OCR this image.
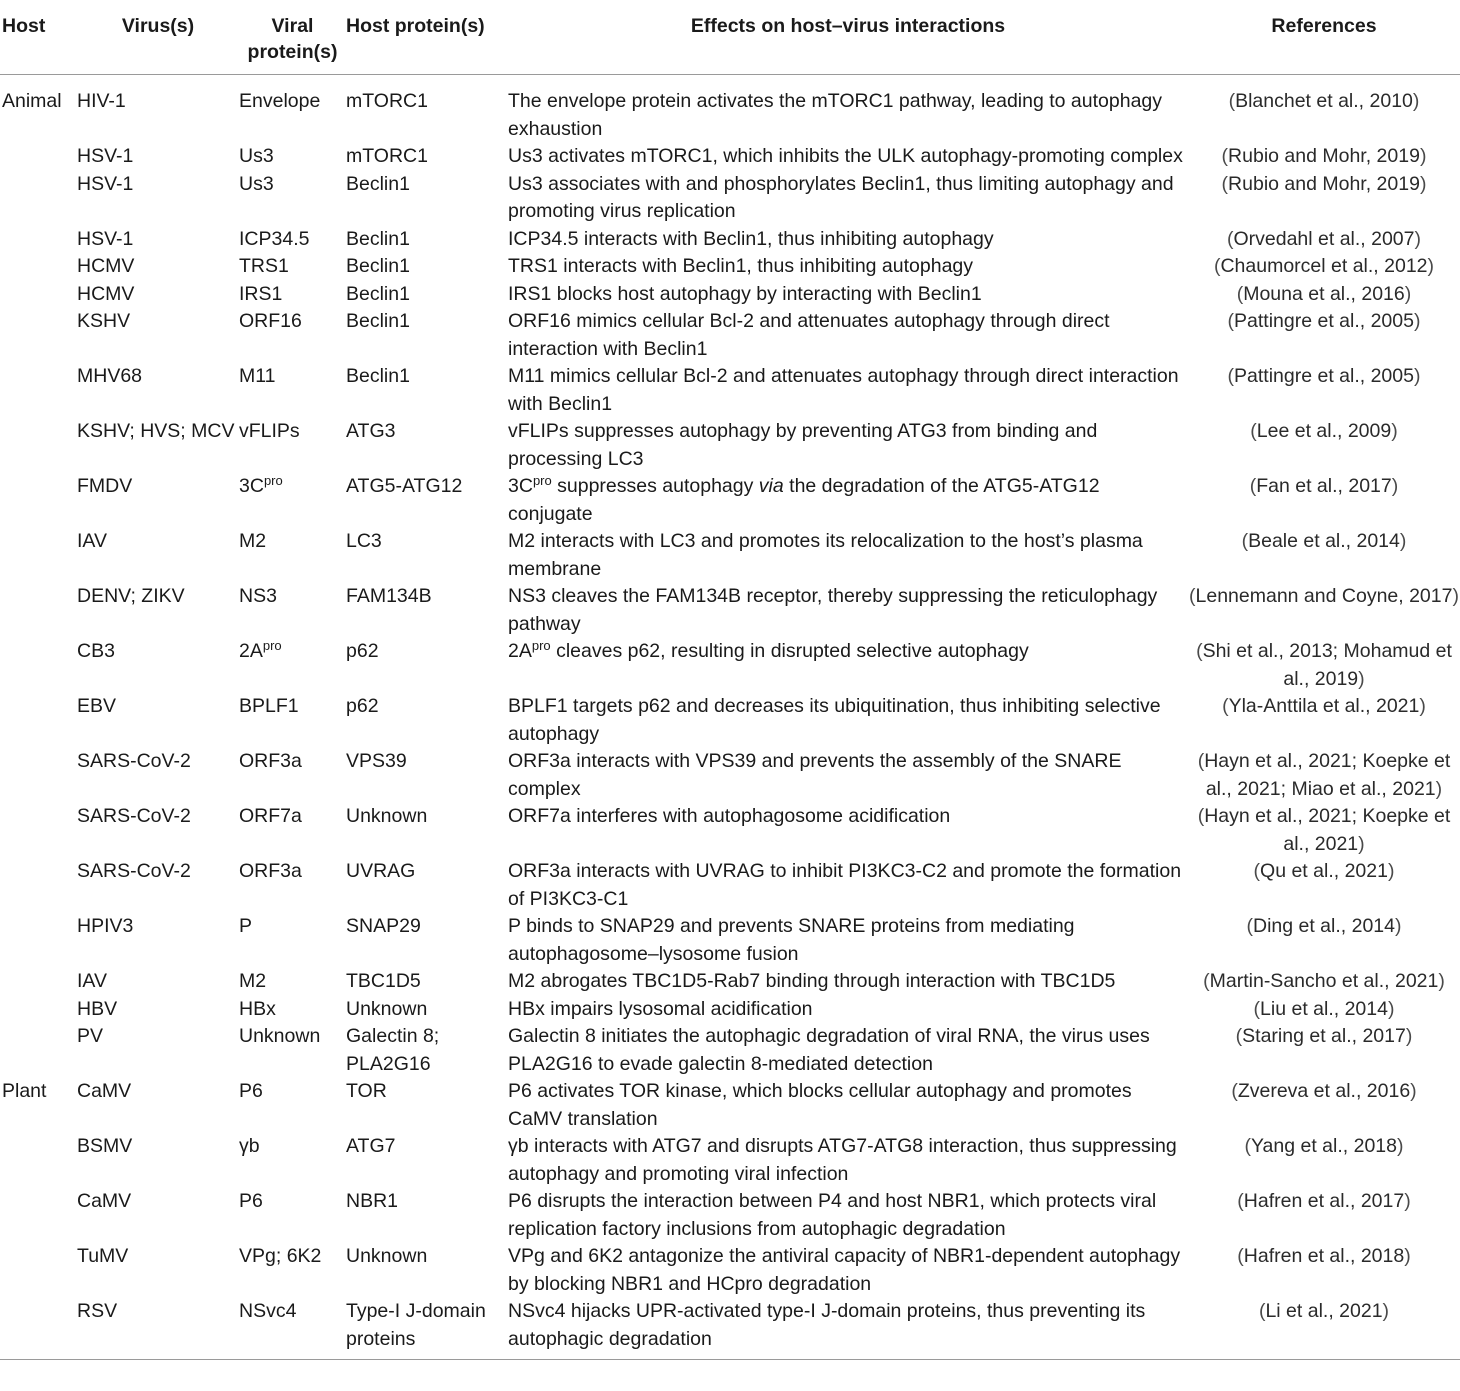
Host	Virus(s)	Viral protein(s)	Host protein(s)	Effects on host–virus interactions	References
Animal	HIV-1	Envelope	mTORC1	The envelope protein activates the mTORC1 pathway, leading to autophagy exhaustion	(Blanchet et al., 2010)
	HSV-1	Us3	mTORC1	Us3 activates mTORC1, which inhibits the ULK autophagy-promoting complex	(Rubio and Mohr, 2019)
	HSV-1	Us3	Beclin1	Us3 associates with and phosphorylates Beclin1, thus limiting autophagy and promoting virus replication	(Rubio and Mohr, 2019)
	HSV-1	ICP34.5	Beclin1	ICP34.5 interacts with Beclin1, thus inhibiting autophagy	(Orvedahl et al., 2007)
	HCMV	TRS1	Beclin1	TRS1 interacts with Beclin1, thus inhibiting autophagy	(Chaumorcel et al., 2012)
	HCMV	IRS1	Beclin1	IRS1 blocks host autophagy by interacting with Beclin1	(Mouna et al., 2016)
	KSHV	ORF16	Beclin1	ORF16 mimics cellular Bcl-2 and attenuates autophagy through direct interaction with Beclin1	(Pattingre et al., 2005)
	MHV68	M11	Beclin1	M11 mimics cellular Bcl-2 and attenuates autophagy through direct interaction with Beclin1	(Pattingre et al., 2005)
	KSHV; HVS; MCV	vFLIPs	ATG3	vFLIPs suppresses autophagy by preventing ATG3 from binding and processing LC3	(Lee et al., 2009)
	FMDV	$3C^{pro}$	ATG5-ATG12	$3C^{pro}$ suppresses autophagy via the degradation of the ATG5-ATG12 conjugate	(Fan et al., 2017)
	IAV	M2	LC3	M2 interacts with LC3 and promotes its relocalization to the host’s plasma membrane	(Beale et al., 2014)
	DENV; ZIKV	NS3	FAM134B	NS3 cleaves the FAM134B receptor, thereby suppressing the reticulophagy pathway	(Lennemann and Coyne, 2017)
	CB3	$2A^{pro}$	p62	$2A^{pro}$ cleaves p62, resulting in disrupted selective autophagy	(Shi et al., 2013; Mohamud et al., 2019)
	EBV	BPLF1	p62	BPLF1 targets p62 and decreases its ubiquitination, thus inhibiting selective autophagy	(Yla-Anttila et al., 2021)
	SARS-CoV-2	ORF3a	VPS39	ORF3a interacts with VPS39 and prevents the assembly of the SNARE complex	(Hayn et al., 2021; Koepke et al., 2021; Miao et al., 2021)
	SARS-CoV-2	ORF7a	Unknown	ORF7a interferes with autophagosome acidification	(Hayn et al., 2021; Koepke et al., 2021)
	SARS-CoV-2	ORF3a	UVRAG	ORF3a interacts with UVRAG to inhibit PI3KC3-C2 and promote the formation of PI3KC3-C1	(Qu et al., 2021)
	HPIV3	P	SNAP29	P binds to SNAP29 and prevents SNARE proteins from mediating autophagosome–lysosome fusion	(Ding et al., 2014)
	IAV	M2	TBC1D5	M2 abrogates TBC1D5-Rab7 binding through interaction with TBC1D5	(Martin-Sancho et al., 2021)
	HBV	HBx	Unknown	HBx impairs lysosomal acidification	(Liu et al., 2014)
	PV	Unknown	Galectin 8; PLA2G16	Galectin 8 initiates the autophagic degradation of viral RNA, the virus uses PLA2G16 to evade galectin 8-mediated detection	(Staring et al., 2017)
Plant	CaMV	P6	TOR	P6 activates TOR kinase, which blocks cellular autophagy and promotes CaMV translation	(Zvereva et al., 2016)
	BSMV	γb	ATG7	γb interacts with ATG7 and disrupts ATG7-ATG8 interaction, thus suppressing autophagy and promoting viral infection	(Yang et al., 2018)
	CaMV	P6	NBR1	P6 disrupts the interaction between P4 and host NBR1, which protects viral replication factory inclusions from autophagic degradation	(Hafren et al., 2017)
	TuMV	VPg; 6K2	Unknown	VPg and 6K2 antagonize the antiviral capacity of NBR1-dependent autophagy by blocking NBR1 and HCpro degradation	(Hafren et al., 2018)
	RSV	NSvc4	Type-I J-domain proteins	NSvc4 hijacks UPR-activated type-I J-domain proteins, thus preventing its autophagic degradation	(Li et al., 2021)
